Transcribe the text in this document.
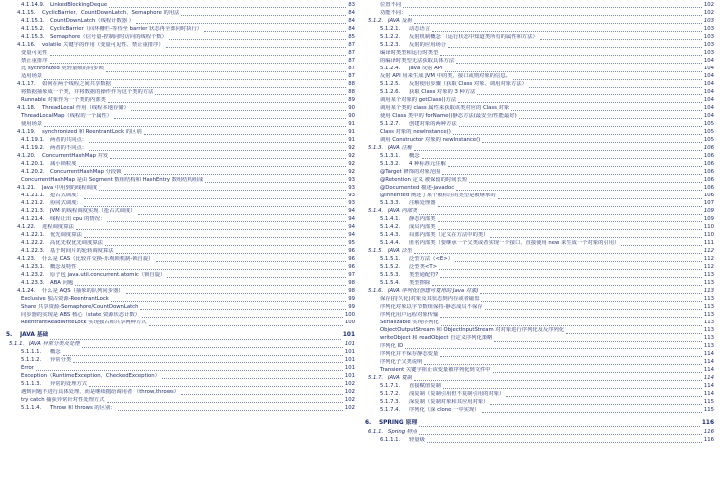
4.1.14.9.	LinkedBlockingDeque	83
4.1.15.	CyclicBarrier、CountDownLatch、Semaphore 的用法	84
4.1.15.1.	CountDownLatch（线程计数器 ）	84
4.1.15.2.	CyclicBarrier（回环栅栏-等待至 barrier 状态再全部同时执行）	84
4.1.15.3.	Semaphore（信号量-控制同时访问的线程个数）	85
4.1.16.	volatile 关键字的作用（变量可见性、禁止重排序）	87
变量可见性	87
禁止重排序	87
比 sychronized 更轻量级的同步锁	87
适用场景	87
4.1.17.	如何在两个线程之间共享数据	88
将数据抽象成一个类，并将数据的操作作为这个类的方法	88
Runnable 对象作为一个类的内部类	89
4.1.18.	ThreadLocal 作用（线程本地存储）	90
ThreadLocalMap（线程的一个属性）	90
使用场景	91
4.1.19.	synchronized 和 ReentrantLock 的区别	91
4.1.19.1.	两者的共同点：	91
4.1.19.2.	两者的不同点：	92
4.1.20.	ConcurrentHashMap 并发	92
4.1.20.1.	减小锁粒度	92
4.1.20.2.	ConcurrentHashMap 分段锁	92
ConcurrentHashMap 是由 Segment 数组结构和 HashEntry 数组结构组成	93
4.1.21.	Java 中用到的线程调度	93
4.1.21.1.	抢占式调度：	93
4.1.21.2.	协同式调度：	93
4.1.21.3.	JVM 的线程调度实现（抢占式调度）	94
4.1.21.4.	线程让出 cpu 的情况：	94
4.1.22.	进程调度算法	94
4.1.22.1.	优先调度算法	94
4.1.22.2.	高优先权优先调度算法	95
4.1.22.3.	基于时间片的轮转调度算法	96
4.1.23.	什么是 CAS（比较并交换-乐观锁机制-锁自旋）	96
4.1.23.1.	概念及特性	96
4.1.23.2.	原子包 java.util.concurrent.atomic（锁自旋）	97
4.1.23.3.	ABA 问题	98
4.1.24.	什么是 AQS（抽象的队列同步器）	98
Exclusive 独占资源-ReentrantLock	99
Share 共享资源-Semaphore/CountDownLatch	99
同步器的实现是 ABS 核心（state 资源状态计数）	100
ReentrantReadWriteLock 实现独占和共享两种方式	100
5.	JAVA 基础	101
5.1.1. JAVA 异常分类及处理	101
5.1.1.1.	概念	101
5.1.1.2.	异常分类	101
Error	101
Exception（RuntimeException、CheckedException）	101
5.1.1.3.	异常的处理方式	102
遇到问题不进行具体处理，而是继续抛给调用者 （throw,throws）	102
try catch 捕获异常针对性处理方式	102
5.1.1.4.	Throw 和 throws 的区别：	102
位置不同	102
功能不同：	102
5.1.2. JAVA 反射	103
5.1.2.1.	动态语言	103
5.1.2.2.	反射机制概念 （运行状态中知道类所有的属性和方法）	103
5.1.2.3.	反射的应用场合	103
编译时类型和运行时类型	103
的编译时类型无法获取具体方法	104
5.1.2.4.	Java 反射 API	104
反射 API 用来生成 JVM 中的类、接口或则对象的信息。	104
5.1.2.5.	反射使用步骤（获取 Class 对象、调用对象方法）	104
5.1.2.6.	获取 Class 对象的 3 种方法	104
调用某个对象的 getClass()方法	104
调用某个类的 class 属性来获取该类对应的 Class 对象	104
使用 Class 类中的 forName()静态方法(最安全/性能最好)	104
5.1.2.7.	创建对象的两种方法	105
Class 对象的 newInstance()	105
调用 Constructor 对象的 newInstance()	105
5.1.3. JAVA 注解	106
5.1.3.1.	概念	106
5.1.3.2.	4 种标准元注解	106
@Target 修饰的对象范围	106
@Retention 定义 被保留的时间长短	106
@Documented 描述-javadoc	106
@Inherited 阐述了某个被标注的类型是被继承的	106
5.1.3.3.	注解处理器	107
5.1.4. JAVA 内部类	109
5.1.4.1.	静态内部类	109
5.1.4.2.	成员内部类	110
5.1.4.3.	局部内部类（定义在方法中的类）	110
5.1.4.4.	匿名内部类（要继承一个父类或者实现一个接口、直接使用 new 来生成一个对象的引用）	111
5.1.5. JAVA 泛型	112
5.1.5.1.	泛型方法（<E>）	112
5.1.5.2.	泛型类<T>	112
5.1.5.3.	类型通配符?	113
5.1.5.4.	类型擦除	113
5.1.6. JAVA 序列化(创建可复用的 Java 对象)	113
保存(持久化)对象及其状态到内存或者磁盘	113
序列化对象以字节数组保持-静态成员不保存	113
序列化用户远程对象传输	113
Serializable 实现序列化	113
ObjectOutputStream 和 ObjectInputStream 对对象进行序列化及反序列化	113
writeObject 和 readObject 自定义序列化策略	113
序列化 ID	113
序列化并不保存静态变量	114
序列化子父类说明	114
Transient 关键字阻止该变量被序列化到文件中	114
5.1.7. JAVA 复制	114
5.1.7.1.	直接赋值复制	114
5.1.7.2.	浅复制（复制引用但不复制引用的对象）	114
5.1.7.3.	深复制（复制对象和其应用对象）	115
5.1.7.4.	序列化（深 clone 一中实现）	115
6.	SPRING 原理	116
6.1.1. Spring 特点	116
6.1.1.1.	轻量级	116
